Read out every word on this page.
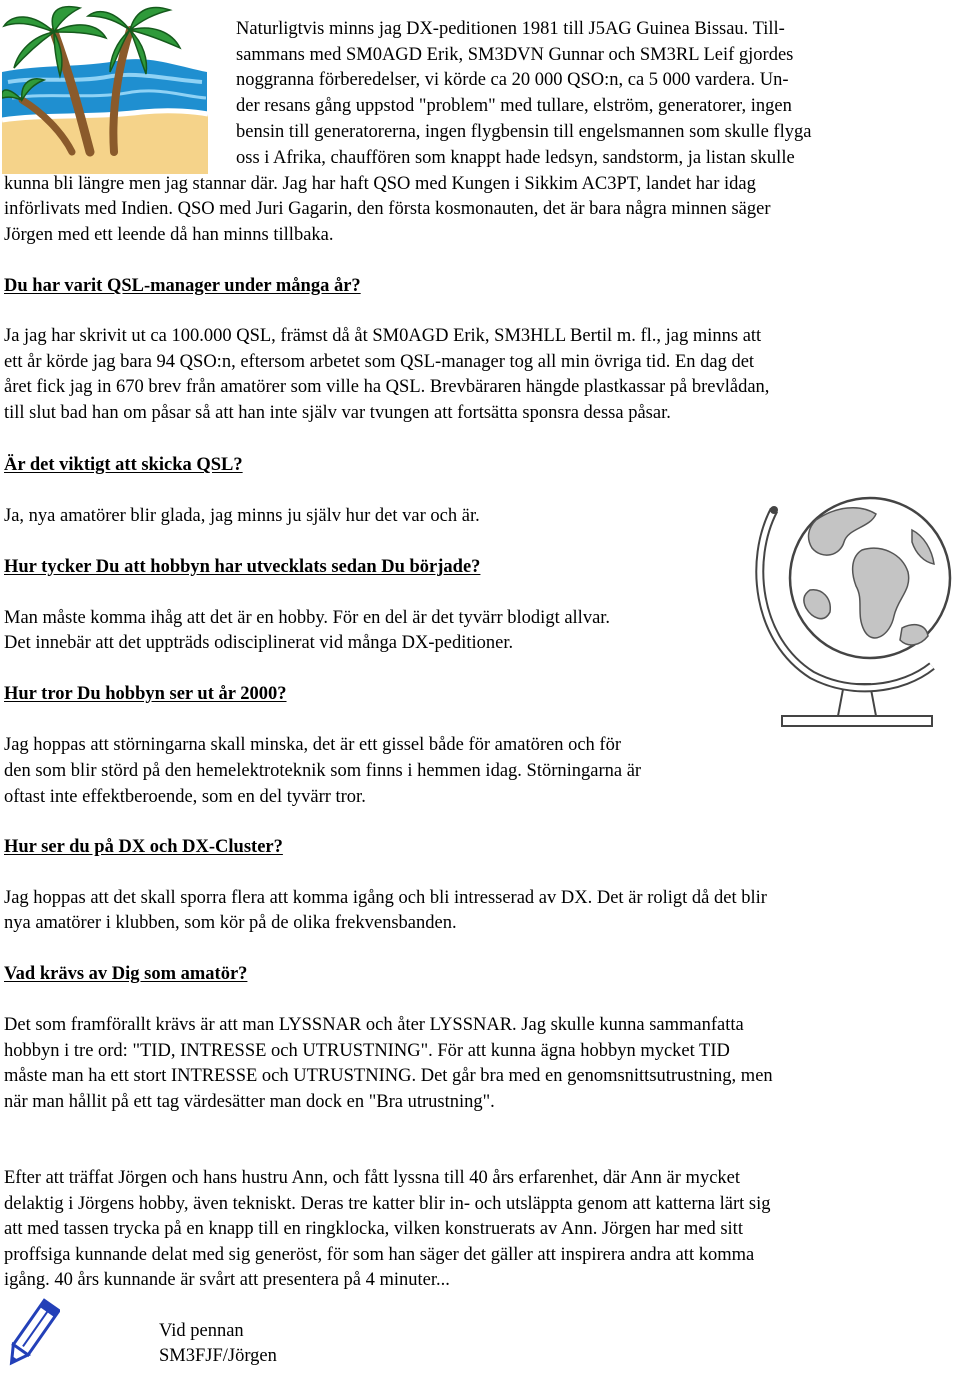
Naturligtvis minns jag DX-peditionen 1981 till J5AG Guinea Bissau. Till-
sammans med SM0AGD Erik, SM3DVN Gunnar och SM3RL Leif gjordes
noggranna förberedelser, vi körde ca 20 000 QSO:n, ca 5 000 vardera. Un-
der resans gång uppstod "problem" med tullare, elström, generatorer, ingen
bensin till generatorerna, ingen flygbensin till engelsmannen som skulle flyga
oss i Afrika, chauffören som knappt hade ledsyn, sandstorm, ja listan skulle
kunna bli längre men jag stannar där. Jag har haft QSO med Kungen i Sikkim AC3PT, landet har idag
införlivats med Indien. QSO med Juri Gagarin, den första kosmonauten, det är bara några minnen säger
Jörgen med ett leende då han minns tillbaka.
Du har varit QSL-manager under många år?
Ja jag har skrivit ut ca 100.000 QSL, främst då åt SM0AGD Erik, SM3HLL Bertil m. fl., jag minns att
ett år körde jag bara 94 QSO:n, eftersom arbetet som QSL-manager tog all min övriga tid. En dag det
året fick jag in 670 brev från amatörer som ville ha QSL. Brevbäraren hängde plastkassar på brevlådan,
till slut bad han om påsar så att han inte själv var tvungen att fortsätta sponsra dessa påsar.
Är det viktigt att skicka QSL?
Ja, nya amatörer blir glada, jag minns ju själv hur det var och är.
Hur tycker Du att hobbyn har utvecklats sedan Du började?
Man måste komma ihåg att det är en hobby. För en del är det tyvärr blodigt allvar.
Det innebär att det uppträds odisciplinerat vid många DX-peditioner.
Hur tror Du hobbyn ser ut år 2000?
Jag hoppas att störningarna skall minska, det är ett gissel både för amatören och för
den som blir störd på den hemelektroteknik som finns i hemmen idag. Störningarna är
oftast inte effektberoende, som en del tyvärr tror.
Hur ser du på DX och DX-Cluster?
Jag hoppas att det skall sporra flera att komma igång och bli intresserad av DX. Det är roligt då det blir
nya amatörer i klubben, som kör på de olika frekvensbanden.
Vad krävs av Dig som amatör?
Det som framförallt krävs är att man LYSSNAR och åter LYSSNAR. Jag skulle kunna sammanfatta
hobbyn i tre ord: "TID, INTRESSE och UTRUSTNING". För att kunna ägna hobbyn mycket TID
måste man ha ett stort INTRESSE och UTRUSTNING. Det går bra med en genomsnittsutrustning, men
när man hållit på ett tag värdesätter man dock en "Bra utrustning".
Efter att träffat Jörgen och hans hustru Ann, och fått lyssna till 40 års erfarenhet, där Ann är mycket
delaktig i Jörgens hobby, även tekniskt. Deras tre katter blir in- och utsläppta genom att katterna lärt sig
att med tassen trycka på en knapp till en ringklocka, vilken konstruerats av Ann. Jörgen har med sitt
proffsiga kunnande delat med sig generöst, för som han säger det gäller att inspirera andra att komma
igång. 40 års kunnande är svårt att presentera på 4 minuter...
Vid pennan
SM3FJF/Jörgen
